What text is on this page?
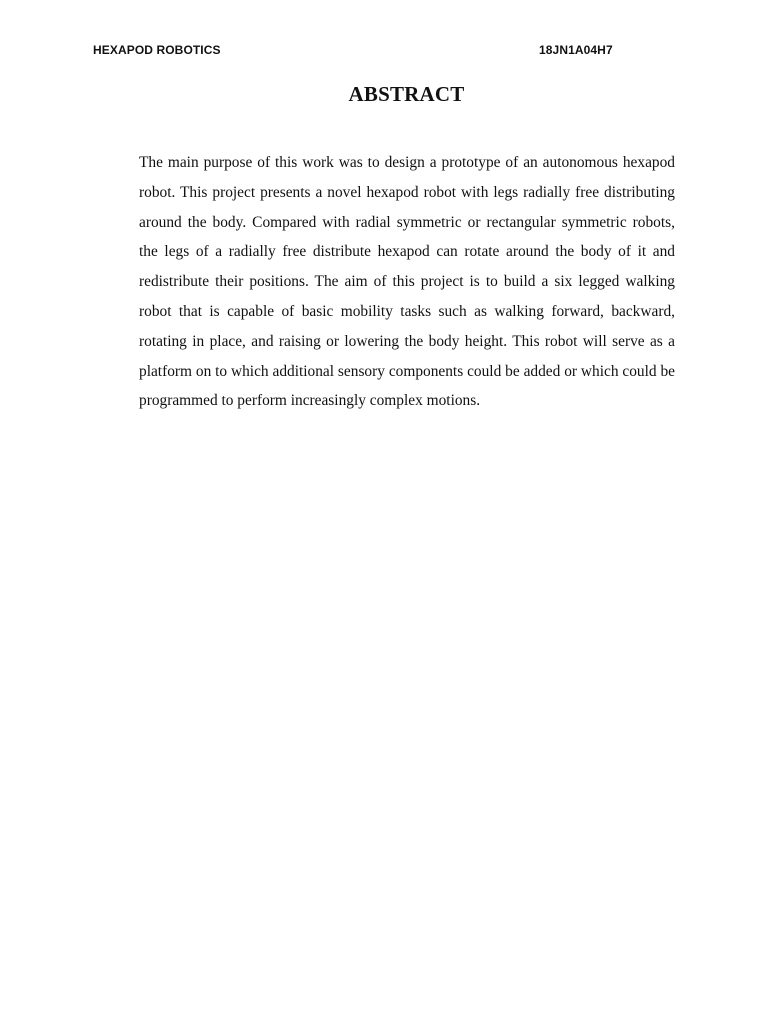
HEXAPOD ROBOTICS	18JN1A04H7
ABSTRACT

The main purpose of this work was to design a prototype of an autonomous hexapod robot. This project presents a novel hexapod robot with legs radially free distributing around the body. Compared with radial symmetric or rectangular symmetric robots, the legs of a radially free distribute hexapod can rotate around the body of it and redistribute their positions. The aim of this project is to build a six legged walking robot that is capable of basic mobility tasks such as walking forward, backward, rotating in place, and raising or lowering the body height. This robot will serve as a platform on to which additional sensory components could be added or which could be programmed to perform increasingly complex motions.
